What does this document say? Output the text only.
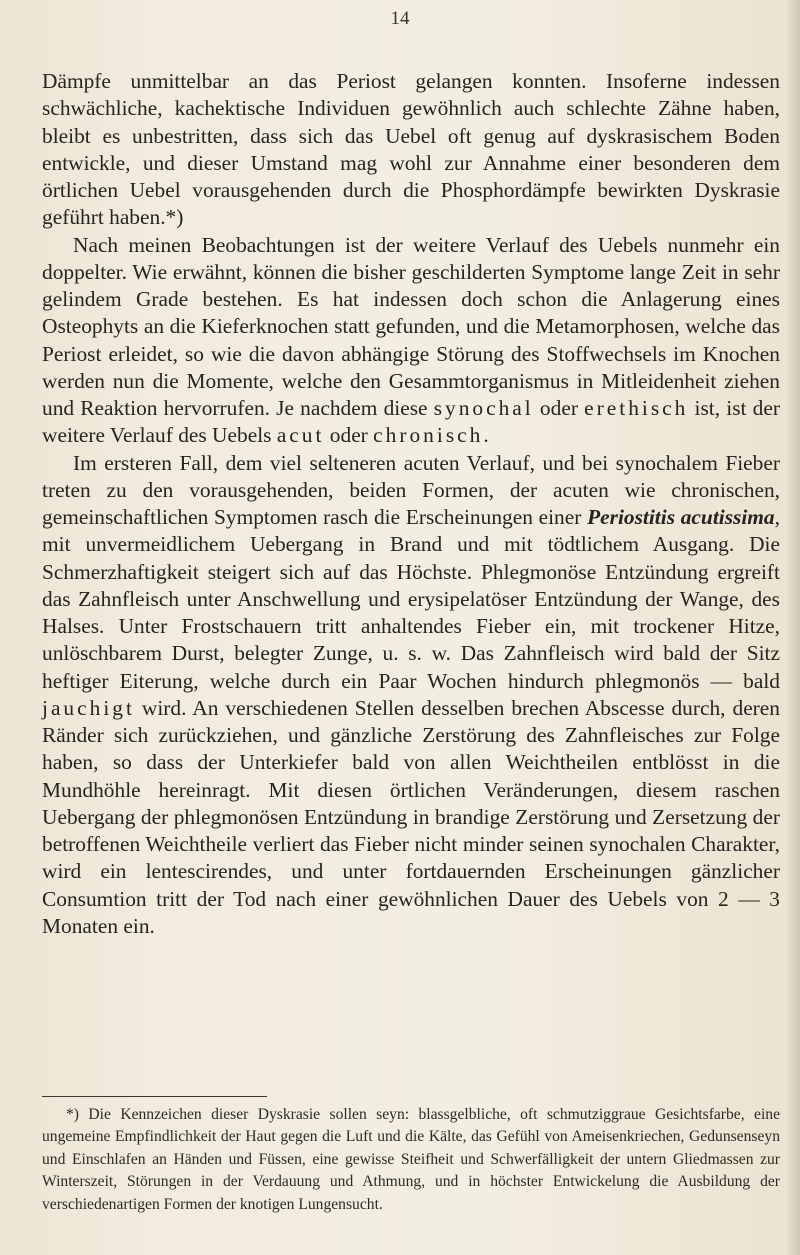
14

Dämpfe unmittelbar an das Periost gelangen konnten. Insoferne indessen schwächliche, kachektische Individuen gewöhnlich auch schlechte Zähne haben, bleibt es unbestritten, dass sich das Uebel oft genug auf dyskrasischem Boden entwickle, und dieser Umstand mag wohl zur Annahme einer besonderen dem örtlichen Uebel vorausgehenden durch die Phosphordämpfe bewirkten Dyskrasie geführt haben.*)

Nach meinen Beobachtungen ist der weitere Verlauf des Uebels nunmehr ein doppelter. Wie erwähnt, können die bisher geschilderten Symptome lange Zeit in sehr gelindem Grade bestehen. Es hat indessen doch schon die Anlagerung eines Osteophyts an die Kieferknochen statt gefunden, und die Metamorphosen, welche das Periost erleidet, so wie die davon abhängige Störung des Stoffwechsels im Knochen werden nun die Momente, welche den Gesammtorganismus in Mitleidenheit ziehen und Reaktion hervorrufen. Je nachdem diese synochal oder erethisch ist, ist der weitere Verlauf des Uebels acut oder chronisch.

Im ersteren Fall, dem viel selteneren acuten Verlauf, und bei synochalem Fieber treten zu den vorausgehenden, beiden Formen, der acuten wie chronischen, gemeinschaftlichen Symptomen rasch die Erscheinungen einer Periostitis acutissima, mit unvermeidlichem Uebergang in Brand und mit tödtlichem Ausgang. Die Schmerzhaftigkeit steigert sich auf das Höchste. Phlegmonöse Entzündung ergreift das Zahnfleisch unter Anschwellung und erysipelatöser Entzündung der Wange, des Halses. Unter Frostschauern tritt anhaltendes Fieber ein, mit trockener Hitze, unlöschbarem Durst, belegter Zunge, u. s. w. Das Zahnfleisch wird bald der Sitz heftiger Eiterung, welche durch ein Paar Wochen hindurch phlegmonös — bald jauchigt wird. An verschiedenen Stellen desselben brechen Abscesse durch, deren Ränder sich zurückziehen, und gänzliche Zerstörung des Zahnfleisches zur Folge haben, so dass der Unterkiefer bald von allen Weichtheilen entblösst in die Mundhöhle hereinragt. Mit diesen örtlichen Veränderungen, diesem raschen Uebergang der phlegmonösen Entzündung in brandige Zerstörung und Zersetzung der betroffenen Weichtheile verliert das Fieber nicht minder seinen synochalen Charakter, wird ein lentescirendes, und unter fortdauernden Erscheinungen gänzlicher Consumtion tritt der Tod nach einer gewöhnlichen Dauer des Uebels von 2 — 3 Monaten ein.

*) Die Kennzeichen dieser Dyskrasie sollen seyn: blassgelbliche, oft schmutziggraue Gesichtsfarbe, eine ungemeine Empfindlichkeit der Haut gegen die Luft und die Kälte, das Gefühl von Ameisenkriechen, Gedunsenseyn und Einschlafen an Händen und Füssen, eine gewisse Steifheit und Schwerfälligkeit der untern Gliedmassen zur Winterszeit, Störungen in der Verdauung und Athmung, und in höchster Entwickelung die Ausbildung der verschiedenartigen Formen der knotigen Lungensucht.
